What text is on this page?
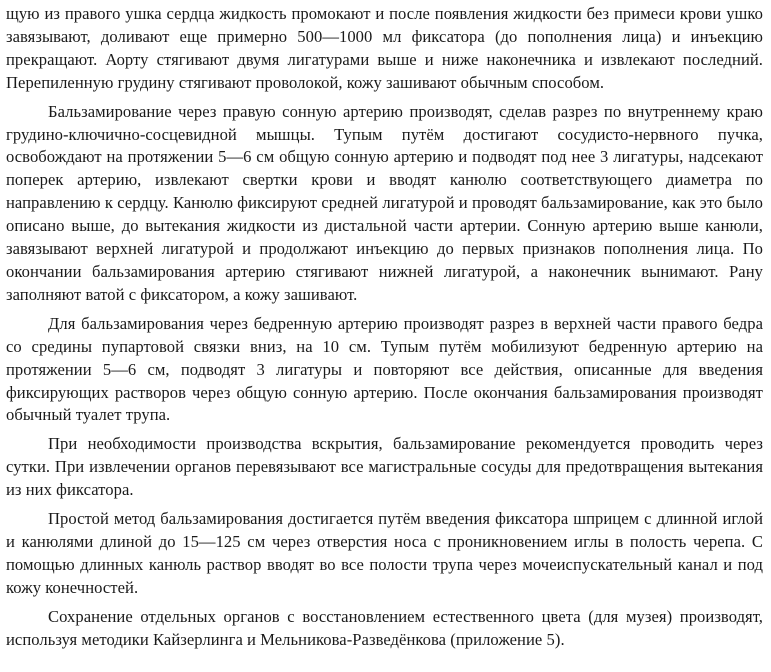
щую из правого ушка сердца жидкость промокают и после появления жидкости без примеси крови ушко завязывают, доливают еще примерно 500—1000 мл фиксатора (до пополнения лица) и инъекцию прекращают. Аорту стягивают двумя лигатурами выше и ниже наконечника и извлекают последний. Перепиленную грудину стягивают проволокой, кожу зашивают обычным способом.

Бальзамирование через правую сонную артерию производят, сделав разрез по внутреннему краю грудино-ключично-сосцевидной мышцы. Тупым путём достигают сосудисто-нервного пучка, освобождают на протяжении 5—6 см общую сонную артерию и подводят под нее 3 лигатуры, надсекают поперек артерию, извлекают свертки крови и вводят канюлю соответствующего диаметра по направлению к сердцу. Канюлю фиксируют средней лигатурой и проводят бальзамирование, как это было описано выше, до вытекания жидкости из дистальной части артерии. Сонную артерию выше канюли, завязывают верхней лигатурой и продолжают инъекцию до первых признаков пополнения лица. По окончании бальзамирования артерию стягивают нижней лигатурой, а наконечник вынимают. Рану заполняют ватой с фиксатором, а кожу зашивают.

Для бальзамирования через бедренную артерию производят разрез в верхней части правого бедра со средины пупартовой связки вниз, на 10 см. Тупым путём мобилизуют бедренную артерию на протяжении 5—6 см, подводят 3 лигатуры и повторяют все действия, описанные для введения фиксирующих растворов через общую сонную артерию. После окончания бальзамирования производят обычный туалет трупа.

При необходимости производства вскрытия, бальзамирование рекомендуется проводить через сутки. При извлечении органов перевязывают все магистральные сосуды для предотвращения вытекания из них фиксатора.

Простой метод бальзамирования достигается путём введения фиксатора шприцем с длинной иглой и канюлями длиной до 15—125 см через отверстия носа с проникновением иглы в полость черепа. С помощью длинных канюль раствор вводят во все полости трупа через мочеиспускательный канал и под кожу конечностей.

Сохранение отдельных органов с восстановлением естественного цвета (для музея) производят, используя методики Кайзерлинга и Мельникова-Разведёнкова (приложение 5).
